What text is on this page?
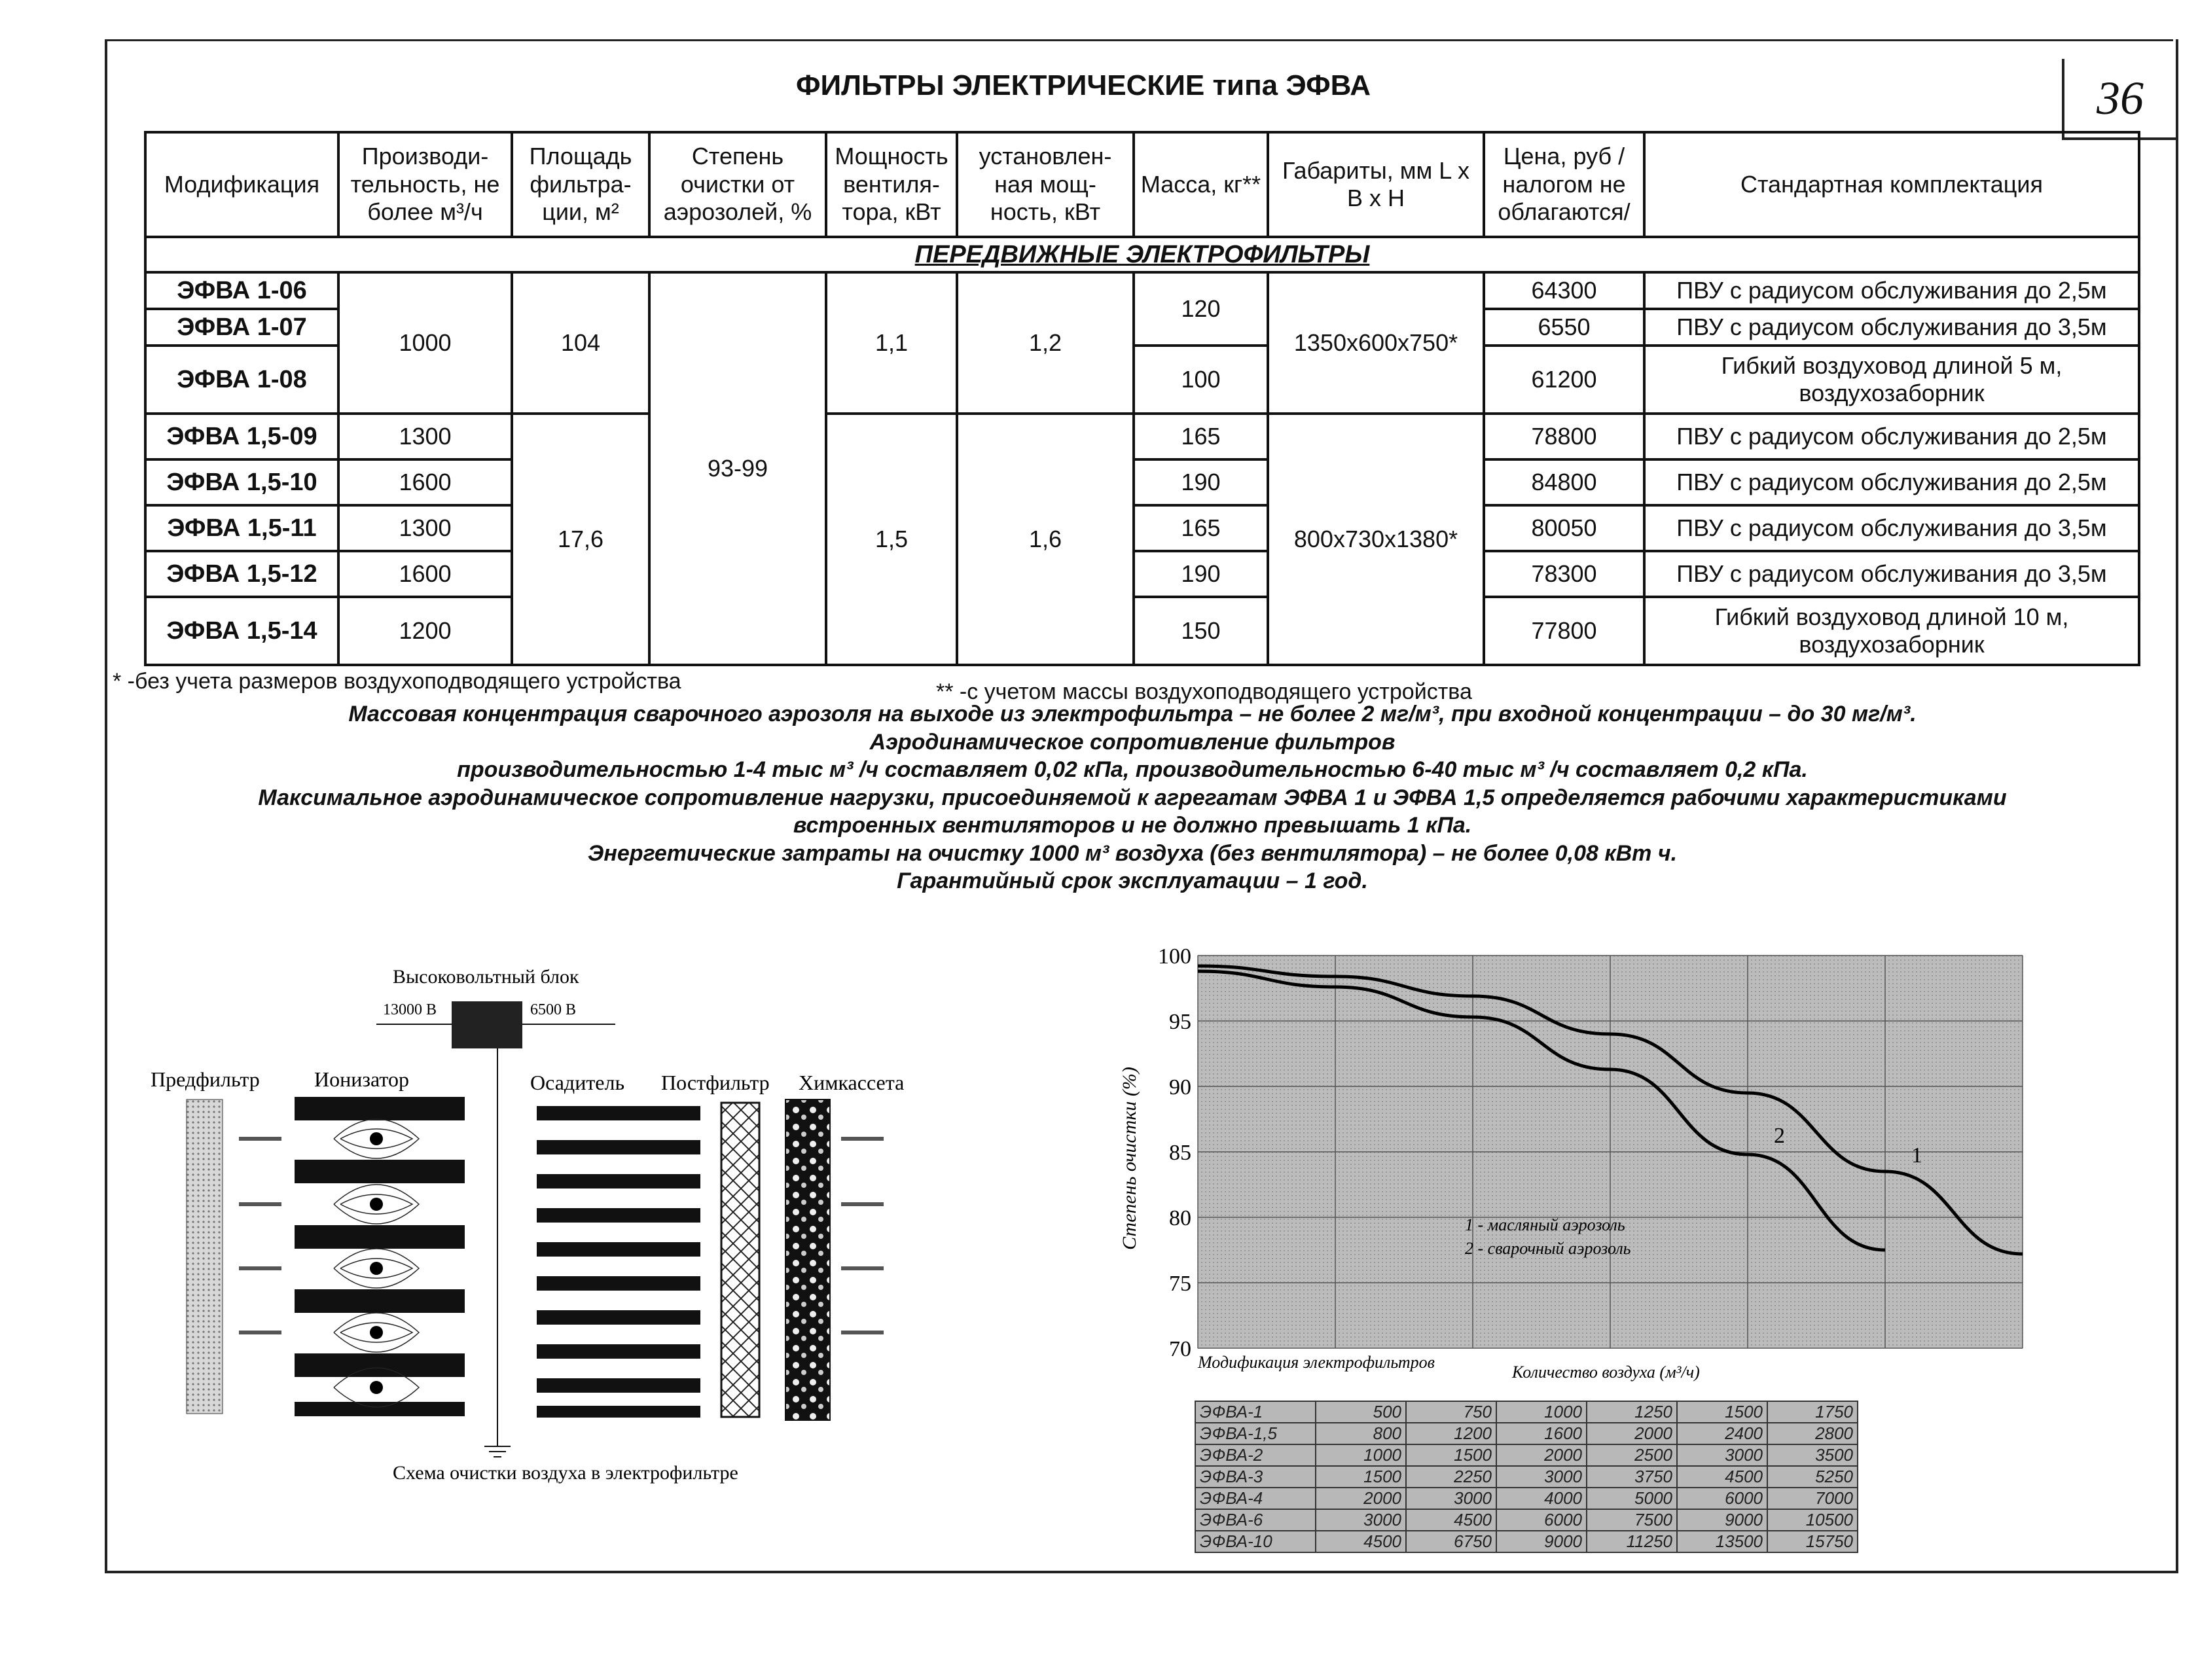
ФИЛЬТРЫ ЭЛЕКТРИЧЕСКИЕ типа ЭФВА	36
Модификация	Производи-тельность, не более м³/ч	Площадь фильтра-ции, м²	Степень очистки от аэрозолей, %	Мощность вентиля-тора, кВт	установлен-ная мощ-ность, кВт	Масса, кг**	Габариты, мм L x B x H	Цена, руб /налогом не облагаются/	Стандартная комплектация
ПЕРЕДВИЖНЫЕ ЭЛЕКТРОФИЛЬТРЫ									
ЭФВА 1-06	1000	104	93-99	1,1	1,2	120	1350x600x750*	64300	ПВУ с радиусом обслуживания до 2,5м
ЭФВА 1-07								6550	ПВУ с радиусом обслуживания до 3,5м
ЭФВА 1-08						100		61200	Гибкий воздуховод длиной 5 м, воздухозаборник
ЭФВА 1,5-09	1300	17,6		1,5	1,6	165	800x730x1380*	78800	ПВУ с радиусом обслуживания до 2,5м
ЭФВА 1,5-10	1600					190		84800	ПВУ с радиусом обслуживания до 2,5м
ЭФВА 1,5-11	1300					165		80050	ПВУ с радиусом обслуживания до 3,5м
ЭФВА 1,5-12	1600					190		78300	ПВУ с радиусом обслуживания до 3,5м
ЭФВА 1,5-14	1200					150		77800	Гибкий воздуховод длиной 10 м, воздухозаборник
* -без учета размеров воздухоподводящего устройства	** -с учетом массы воздухоподводящего устройства
Массовая концентрация сварочного аэрозоля на выходе из электрофильтра – не более 2 мг/м³, при входной концентрации – до 30 мг/м³.
Аэродинамическое сопротивление фильтров
производительностью 1-4 тыс м³ /ч составляет 0,02 кПа, производительностью 6-40 тыс м³ /ч составляет 0,2 кПа.
Максимальное аэродинамическое сопротивление нагрузки, присоединяемой к агрегатам ЭФВА 1 и ЭФВА 1,5 определяется рабочими характеристиками
встроенных вентиляторов и не должно превышать 1 кПа.
Энергетические затраты на очистку 1000 м³ воздуха (без вентилятора) – не более 0,08 кВт ч.
Гарантийный срок эксплуатации – 1 год.
Высоковольтный блок
13000 В	6500 В
Предфильтр	Ионизатор	Осадитель Постфильтр Химкассета
Схема очистки воздуха в электрофильтре
100
95
90
85
80
75
70
1
2
Степень очистки (%)
Количество воздуха (м³/ч)
Модификация электрофильтров
1 - масляный аэрозоль
2 - сварочный аэрозоль
ЭФВА-1	500	750	1000	1250	1500	1750
ЭФВА-1,5	800	1200	1600	2000	2400	2800
ЭФВА-2	1000	1500	2000	2500	3000	3500
ЭФВА-3	1500	2250	3000	3750	4500	5250
ЭФВА-4	2000	3000	4000	5000	6000	7000
ЭФВА-6	3000	4500	6000	7500	9000	10500
ЭФВА-10	4500	6750	9000	11250	13500	15750
